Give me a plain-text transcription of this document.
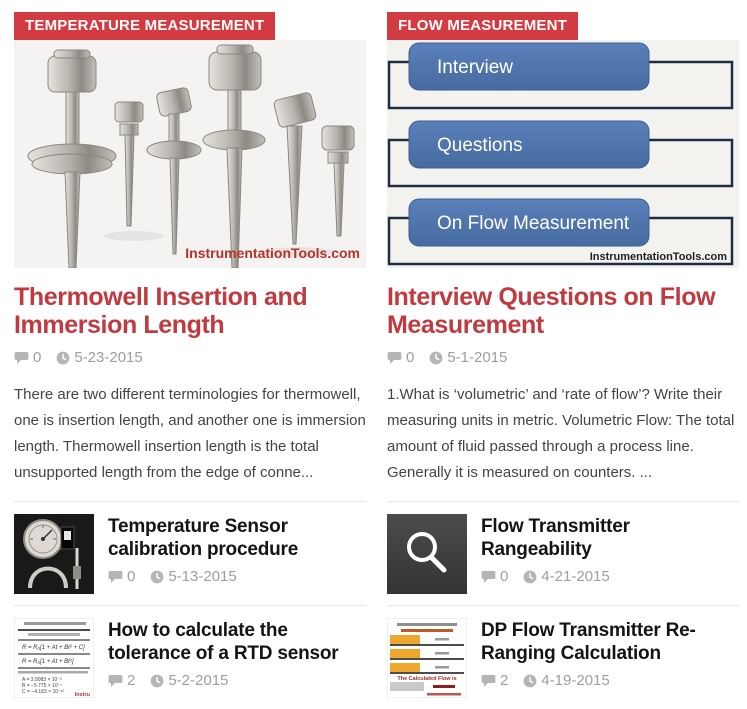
TEMPERATURE MEASUREMENT
InstrumentationTools.com
Thermowell Insertion and Immersion Length
0 5-23-2015

There are two different terminologies for thermowell, one is insertion length, and another one is immersion length. Thermowell insertion length is the total unsupported length from the edge of conne...

Temperature Sensor calibration procedure
0 5-13-2015
R = R₀[1 + At + Bt² + C]
R = R₀[1 + At + Bt²]
A = 3.9083 × 10⁻³
B = −5.775 × 10⁻⁷
C = −4.183 × 10⁻¹² Instru
How to calculate the tolerance of a RTD sensor
2 5-2-2015
FLOW MEASUREMENT
Interview
Questions
On Flow Measurement
InstrumentationTools.com
Interview Questions on Flow Measurement
0 5-1-2015

1.What is ‘volumetric’ and ‘rate of flow’? Write their measuring units in metric. Volumetric Flow: The total amount of fluid passed through a process line. Generally it is measured on counters. ...

Flow Transmitter Rangeability
0 4-21-2015
The Calculated Flow is
DP Flow Transmitter Re-Ranging Calculation
2 4-19-2015
